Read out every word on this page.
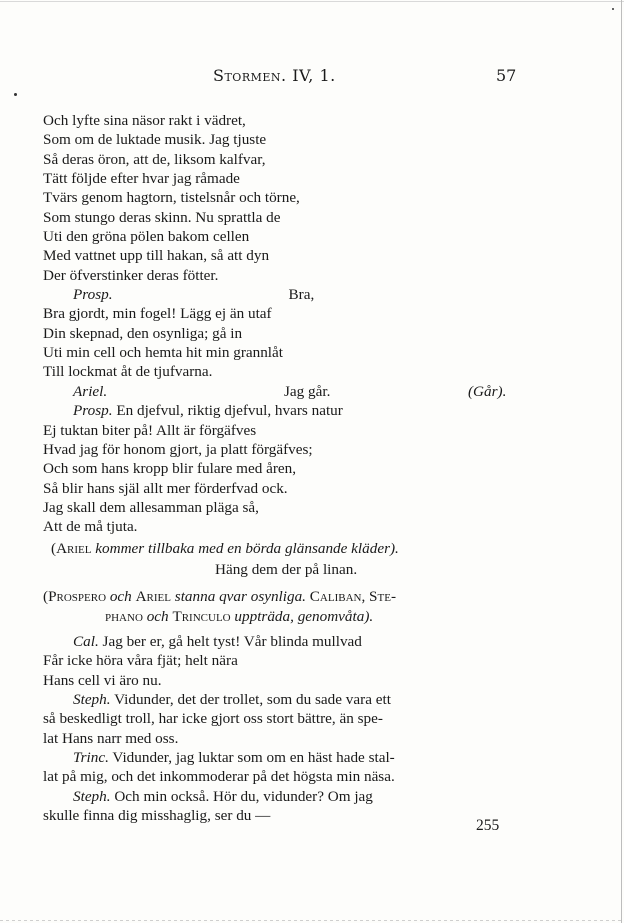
Stormen. IV, 1.	57
Och lyfte sina näsor rakt i vädret,
Som om de luktade musik. Jag tjuste
Så deras öron, att de, liksom kalfvar,
Tätt följde efter hvar jag råmade
Tvärs genom hagtorn, tistelsnår och törne,
Som stungo deras skinn. Nu sprattla de
Uti den gröna pölen bakom cellen
Med vattnet upp till hakan, så att dyn
Der öfverstinker deras fötter.
Prosp.	Bra,
Bra gjordt, min fogel! Lägg ej än utaf
Din skepnad, den osynliga; gå in
Uti min cell och hemta hit min grannlåt
Till lockmat åt de tjufvarna.
Ariel.	Jag går.	(Går).
Prosp. En djefvul, riktig djefvul, hvars natur
Ej tuktan biter på! Allt är förgäfves
Hvad jag för honom gjort, ja platt förgäfves;
Och som hans kropp blir fulare med åren,
Så blir hans själ allt mer förderfvad ock.
Jag skall dem allesamman pläga så,
Att de må tjuta.
(Ariel kommer tillbaka med en börda glänsande kläder).
Häng dem der på linan.
(Prospero och Ariel stanna qvar osynliga. Caliban, Ste-
phano och Trinculo uppträda, genomvåta).
Cal. Jag ber er, gå helt tyst! Vår blinda mullvad
Får icke höra våra fjät; helt nära
Hans cell vi äro nu.
Steph. Vidunder, det der trollet, som du sade vara ett
så beskedligt troll, har icke gjort oss stort bättre, än spe-
lat Hans narr med oss.
Trinc. Vidunder, jag luktar som om en häst hade stal-
lat på mig, och det inkommoderar på det högsta min näsa.
Steph. Och min också. Hör du, vidunder? Om jag
skulle finna dig misshaglig, ser du —
255
